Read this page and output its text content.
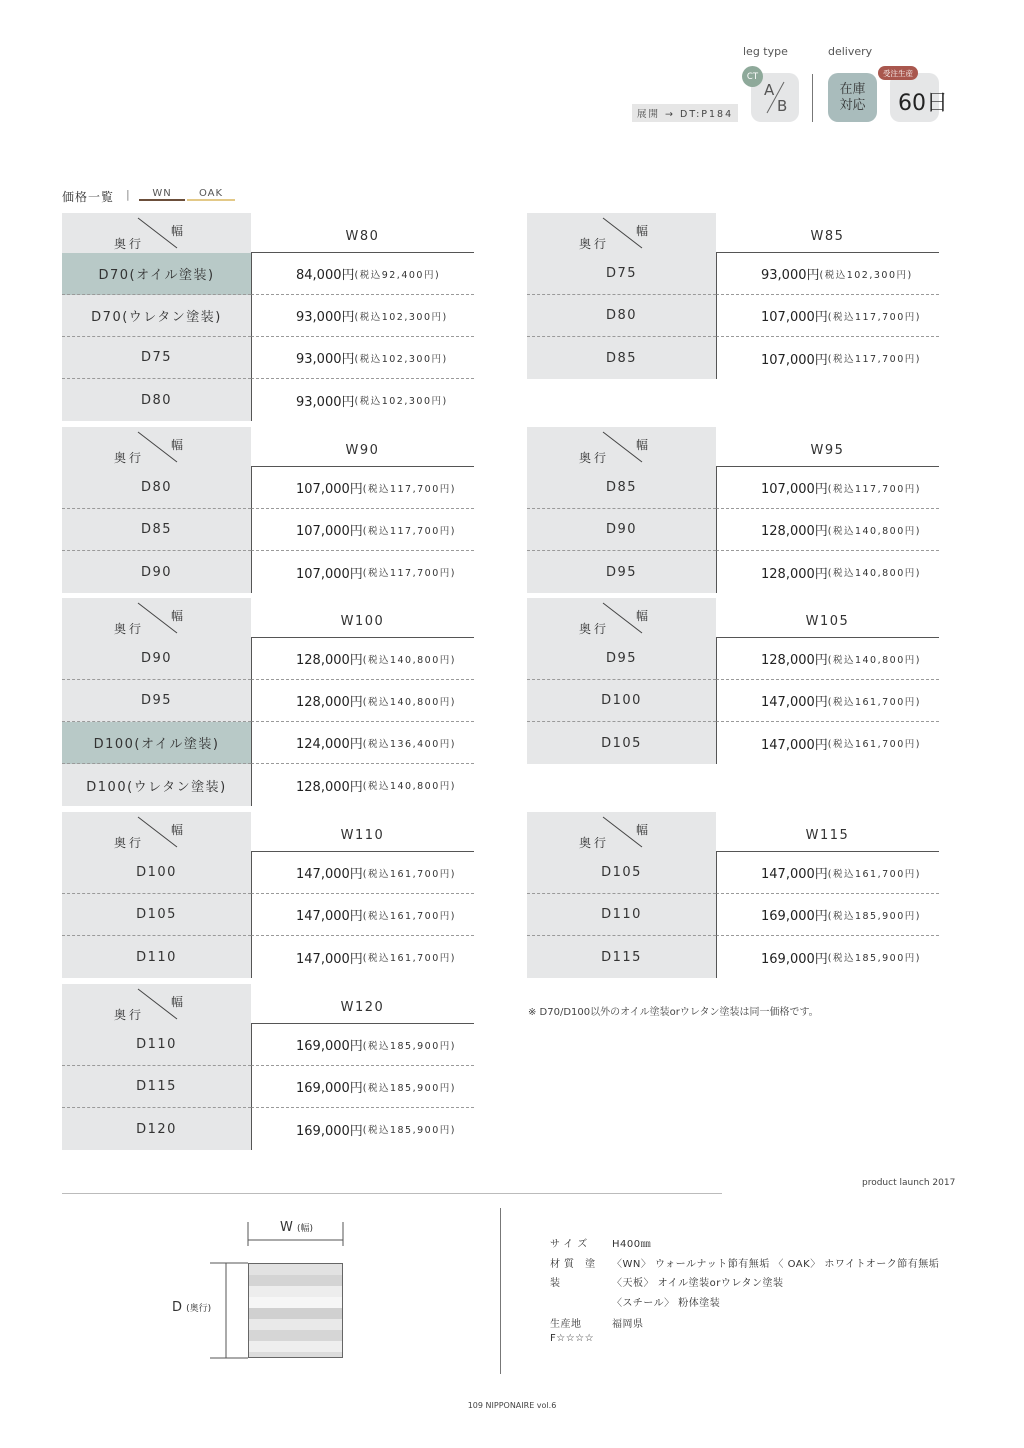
leg type	delivery
展開 → DT:P184
A
B
CT
在庫
対応 60日
受注生産
価格一覧 |	WN	OAK
幅
奥行	W80
D70(オイル塗装)	84,000円 (税込92,400円)
D70(ウレタン塗装)	93,000円 (税込102,300円)
D75	93,000円 (税込102,300円)
D80	93,000円 (税込102,300円)
幅
奥行	W85
D75	93,000円 (税込102,300円)
D80	107,000円 (税込117,700円)
D85	107,000円 (税込117,700円)
幅
奥行	W90
D80	107,000円 (税込117,700円)
D85	107,000円 (税込117,700円)
D90	107,000円 (税込117,700円)
幅
奥行	W95
D85	107,000円 (税込117,700円)
D90	128,000円 (税込140,800円)
D95	128,000円 (税込140,800円)
幅
奥行	W100
D90	128,000円 (税込140,800円)
D95	128,000円 (税込140,800円)
D100(オイル塗装)	124,000円 (税込136,400円)
D100(ウレタン塗装)	128,000円 (税込140,800円)
幅
奥行	W105
D95	128,000円 (税込140,800円)
D100	147,000円 (税込161,700円)
D105	147,000円 (税込161,700円)
幅
奥行	W110
D100	147,000円 (税込161,700円)
D105	147,000円 (税込161,700円)
D110	147,000円 (税込161,700円)
幅
奥行	W115
D105	147,000円 (税込161,700円)
D110	169,000円 (税込185,900円)
D115	169,000円 (税込185,900円)
幅
奥行	W120
D110	169,000円 (税込185,900円)
D115	169,000円 (税込185,900円)
D120	169,000円 (税込185,900円)
※ D70/D100以外のオイル塗装orウレタン塗装は同一価格です。
product launch 2017
W (幅)
D (奥行)
サイズ H400㎜
材質 塗 〈WN〉 ウォールナット節有無垢 〈 OAK〉 ホワイトオーク節有無垢
装	〈天板〉 オイル塗装orウレタン塗装
〈スチール〉 粉体塗装
生産地	福岡県
F☆☆☆☆
109 NIPPONAIRE vol.6
